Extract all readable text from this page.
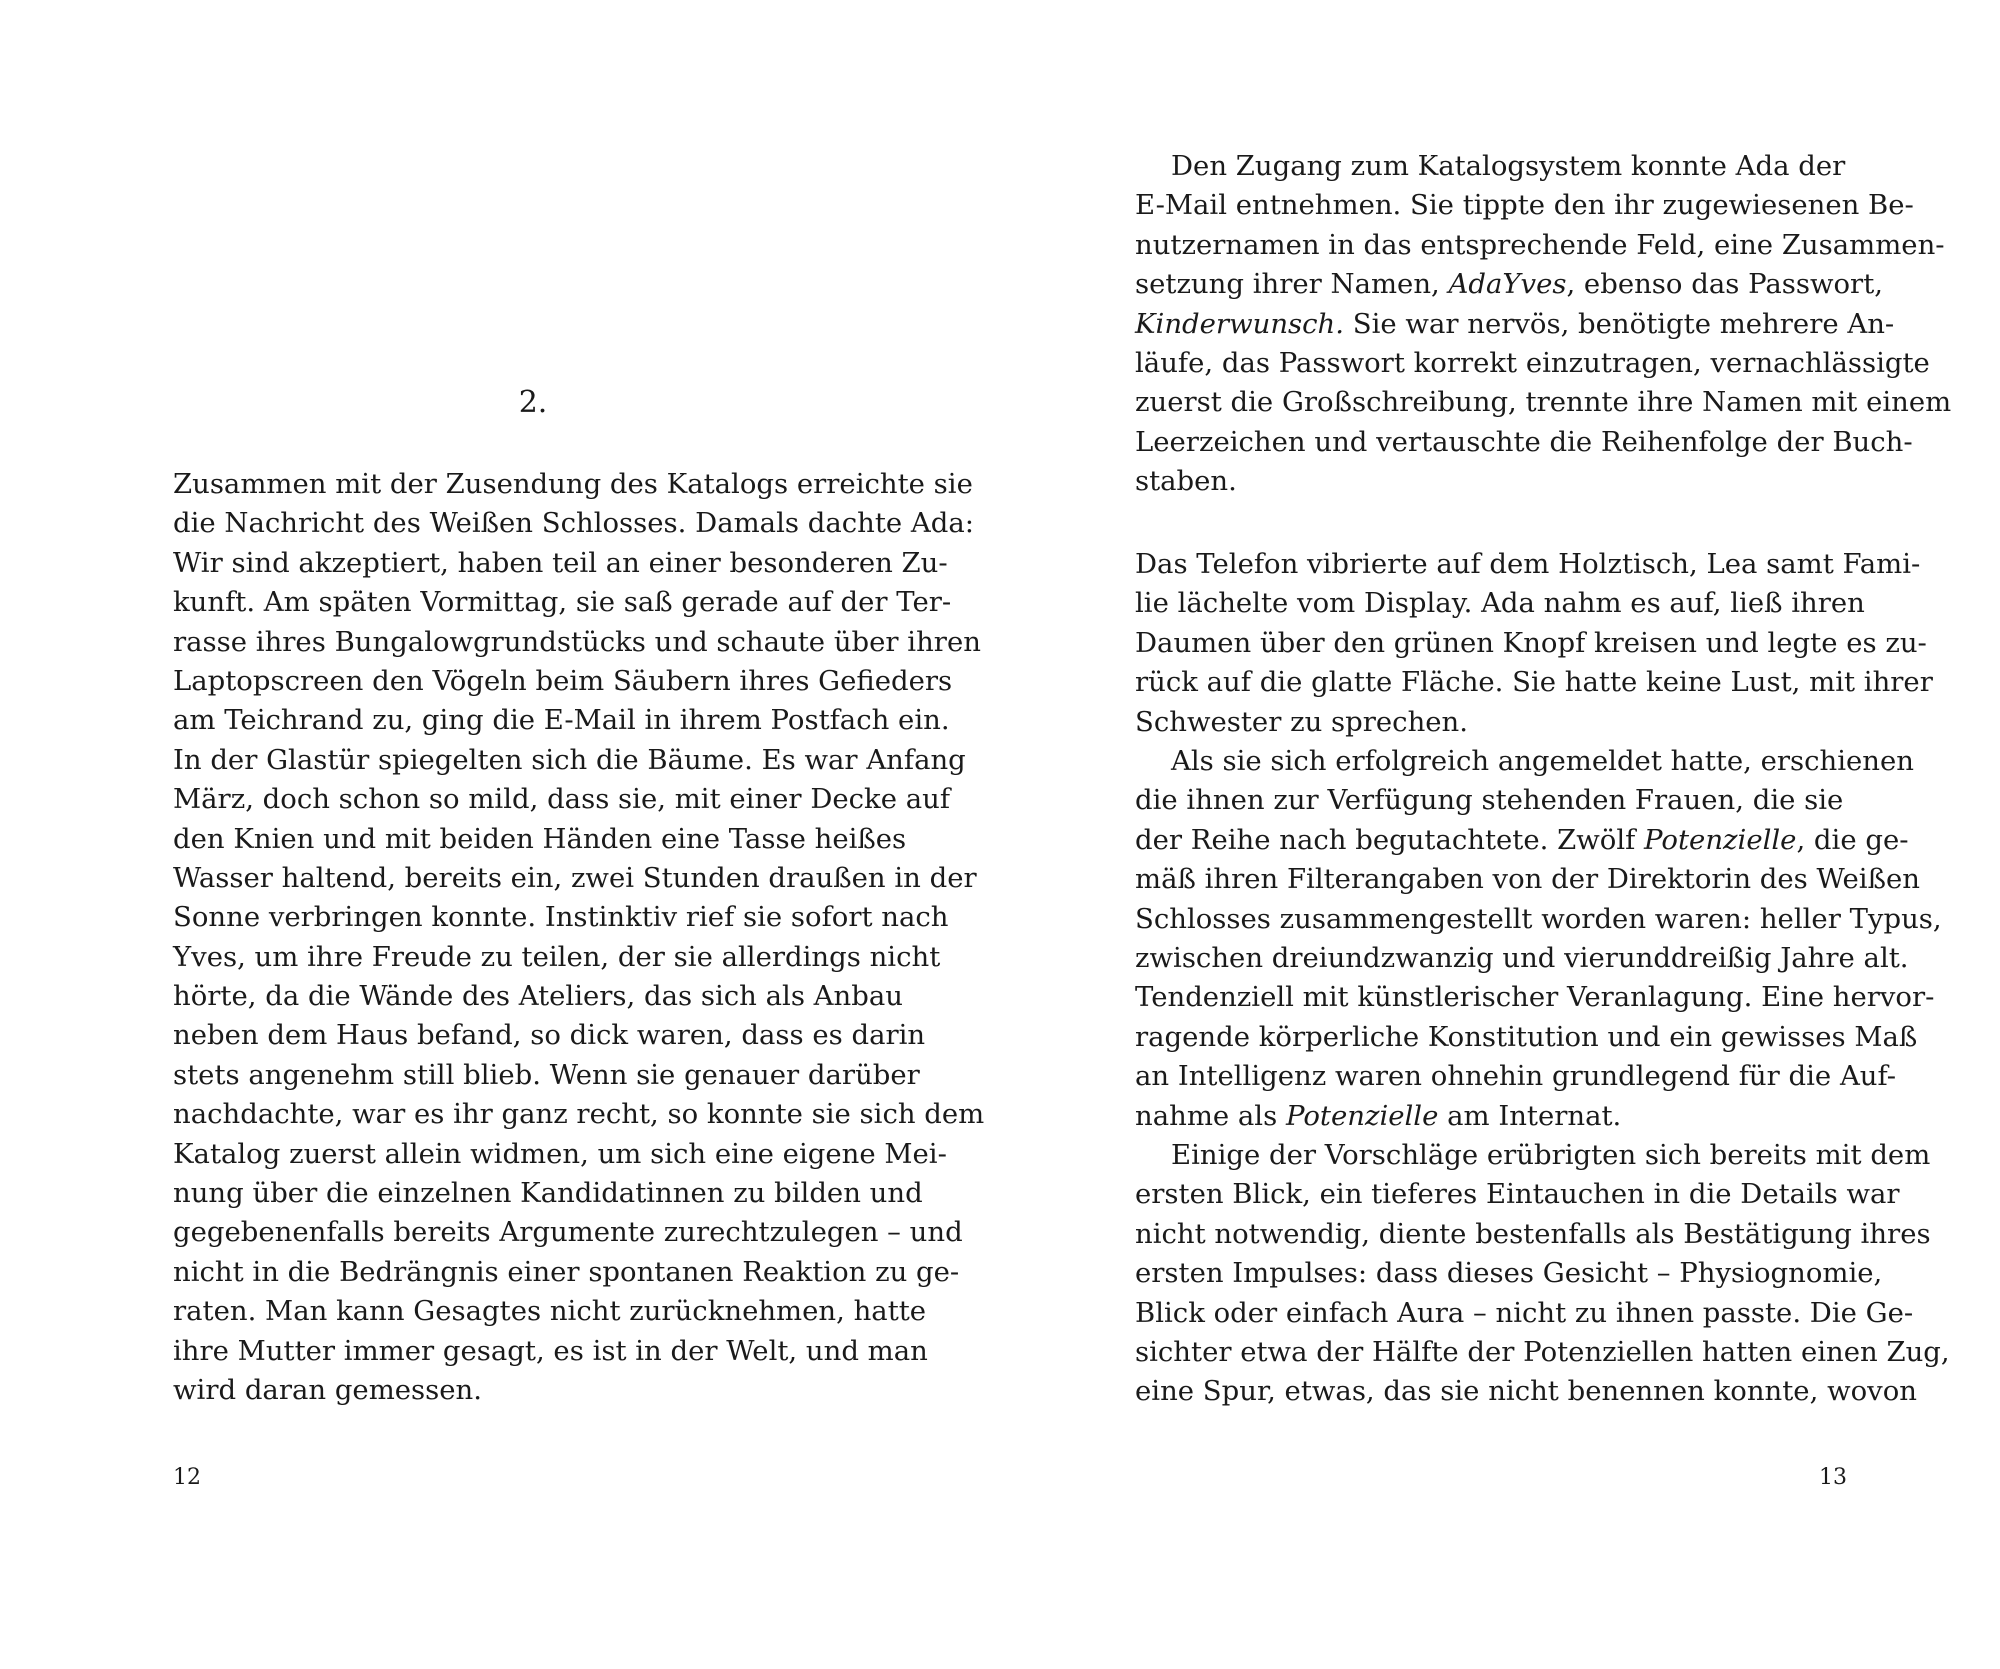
2.
Zusammen mit der Zusendung des Katalogs erreichte sie
die Nachricht des Weißen Schlosses. Damals dachte Ada:
Wir sind akzeptiert, haben teil an einer besonderen Zu-
kunft. Am späten Vormittag, sie saß gerade auf der Ter-
rasse ihres Bungalowgrundstücks und schaute über ihren
Laptopscreen den Vögeln beim Säubern ihres Gefieders
am Teichrand zu, ging die E-Mail in ihrem Postfach ein.
In der Glastür spiegelten sich die Bäume. Es war Anfang
März, doch schon so mild, dass sie, mit einer Decke auf
den Knien und mit beiden Händen eine Tasse heißes
Wasser haltend, bereits ein, zwei Stunden draußen in der
Sonne verbringen konnte. Instinktiv rief sie sofort nach
Yves, um ihre Freude zu teilen, der sie allerdings nicht
hörte, da die Wände des Ateliers, das sich als Anbau
neben dem Haus befand, so dick waren, dass es darin
stets angenehm still blieb. Wenn sie genauer darüber
nachdachte, war es ihr ganz recht, so konnte sie sich dem
Katalog zuerst allein widmen, um sich eine eigene Mei-
nung über die einzelnen Kandidatinnen zu bilden und
gegebenenfalls bereits Argumente zurechtzulegen – und
nicht in die Bedrängnis einer spontanen Reaktion zu ge-
raten. Man kann Gesagtes nicht zurücknehmen, hatte
ihre Mutter immer gesagt, es ist in der Welt, und man
wird daran gemessen.
12
Den Zugang zum Katalogsystem konnte Ada der
E-Mail entnehmen. Sie tippte den ihr zugewiesenen Be-
nutzernamen in das entsprechende Feld, eine Zusammen-
setzung ihrer Namen, AdaYves, ebenso das Passwort,
Kinderwunsch. Sie war nervös, benötigte mehrere An-
läufe, das Passwort korrekt einzutragen, vernachlässigte
zuerst die Großschreibung, trennte ihre Namen mit einem
Leerzeichen und vertauschte die Reihenfolge der Buch-
staben.
Das Telefon vibrierte auf dem Holztisch, Lea samt Fami-
lie lächelte vom Display. Ada nahm es auf, ließ ihren
Daumen über den grünen Knopf kreisen und legte es zu-
rück auf die glatte Fläche. Sie hatte keine Lust, mit ihrer
Schwester zu sprechen.
Als sie sich erfolgreich angemeldet hatte, erschienen
die ihnen zur Verfügung stehenden Frauen, die sie
der Reihe nach begutachtete. Zwölf Potenzielle, die ge-
mäß ihren Filterangaben von der Direktorin des Weißen
Schlosses zusammengestellt worden waren: heller Typus,
zwischen dreiundzwanzig und vierunddreißig Jahre alt.
Tendenziell mit künstlerischer Veranlagung. Eine hervor-
ragende körperliche Konstitution und ein gewisses Maß
an Intelligenz waren ohnehin grundlegend für die Auf-
nahme als Potenzielle am Internat.
Einige der Vorschläge erübrigten sich bereits mit dem
ersten Blick, ein tieferes Eintauchen in die Details war
nicht notwendig, diente bestenfalls als Bestätigung ihres
ersten Impulses: dass dieses Gesicht – Physiognomie,
Blick oder einfach Aura – nicht zu ihnen passte. Die Ge-
sichter etwa der Hälfte der Potenziellen hatten einen Zug,
eine Spur, etwas, das sie nicht benennen konnte, wovon
13
